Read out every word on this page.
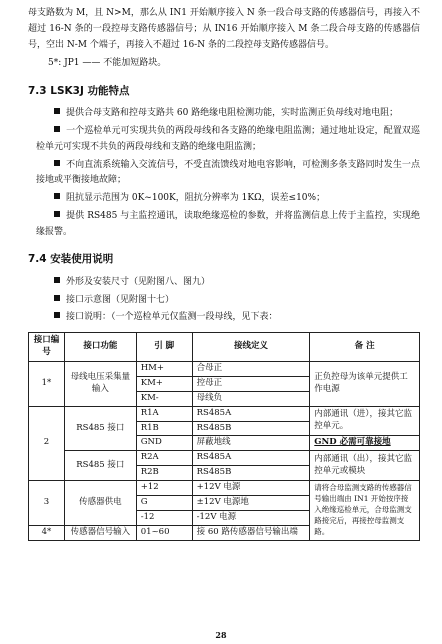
母支路数为 M，且 N>M，那么从 IN1 开始顺序接入 N 条一段合母支路的传感器信号，再接入不超过 16-N 条的一段控母支路传感器信号；从 IN16 开始顺序接入 M 条二段合母支路的传感器信号，空出 N-M 个端子，再接入不超过 16-N 条的二段控母支路传感器信号。

5*: JP1 —— 不能加短路块。

7.3 LSK3J 功能特点

提供合母支路和控母支路共 60 路绝缘电阻检测功能，实时监测正负母线对地电阻；

一个巡检单元可实现共负的两段母线和各支路的绝缘电阻监测；通过地址设定，配置双巡检单元可实现不共负的两段母线和支路的绝缘电阻监测；

不向直流系统输入交流信号，不受直流馈线对地电容影响，可检测多条支路同时发生一点接地或平衡接地故障；

阻抗显示范围为 0K~100K，阻抗分辨率为 1KΩ，误差≤10%；

提供 RS485 与主监控通讯，读取绝缘巡检的参数，并将监测信息上传于主监控，实现绝缘报警。

7.4 安装使用说明

外形及安装尺寸（见附图八、图九）

接口示意图（见附图十七）

接口说明：（一个巡检单元仅监测一段母线，见下表：

接口编号	接口功能	引 脚	接线定义	备 注
1*	母线电压采集量输入	HM+	合母正	正负控母为该单元提供工作电源
		KM+	控母正	
		KM-	母线负	
2	RS485 接口	R1A	RS485A	内部通讯（进），接其它监控单元。
		R1B	RS485B	
		GND	屏蔽地线	GND 必需可靠接地
	RS485 接口	R2A	RS485A	内部通讯（出），接其它监控单元或模块
		R2B	RS485B	
3	传感器供电	+12	+12V 电源	请将合母监测支路的传感器信号输出端由 IN1 开始按序接入绝缘巡检单元，合母监测支路接完后，再接控母监测支路。
		G	±12V 电源地	
		-12	-12V 电源	
4*	传感器信号输入	01~60	接 60 路传感器信号输出端	
28
